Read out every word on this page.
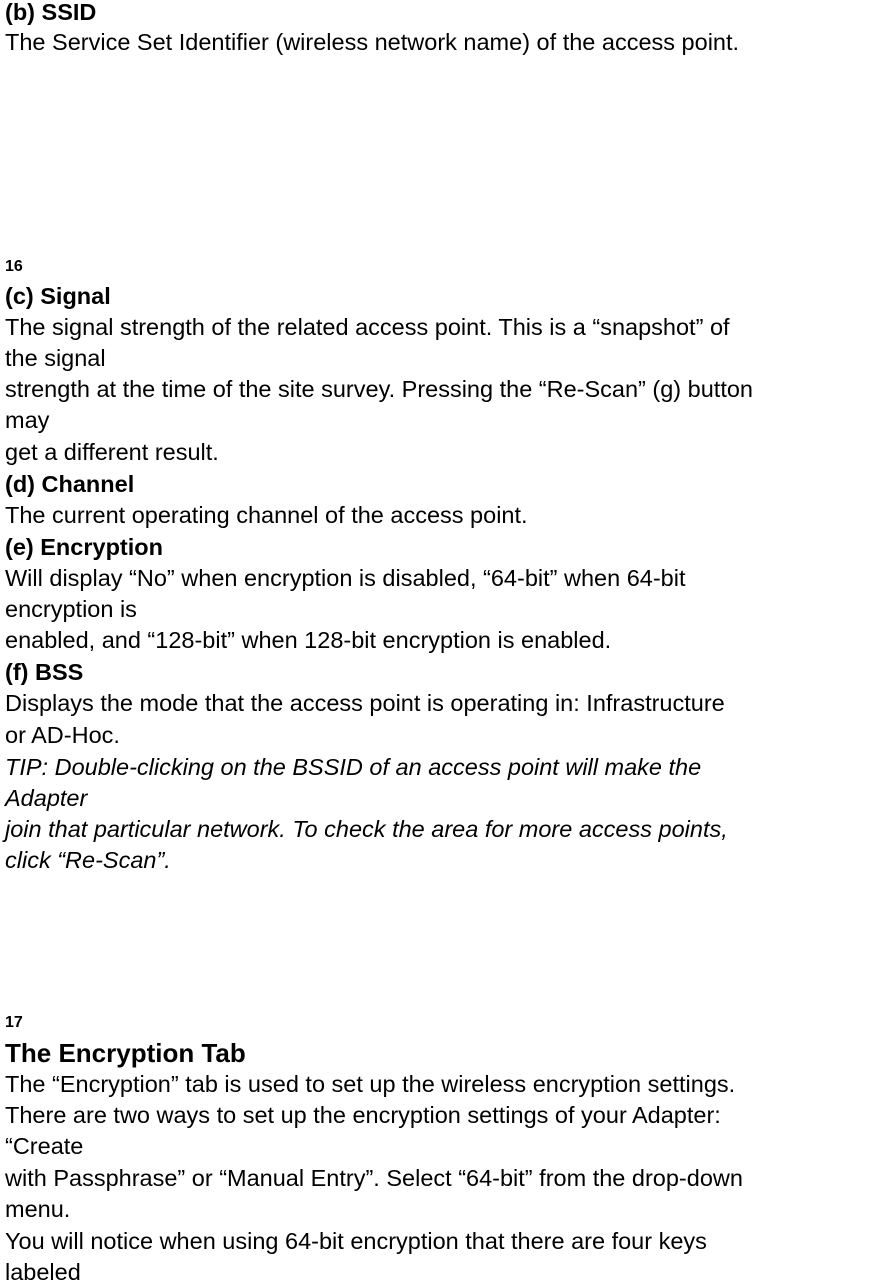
(b) SSID
The Service Set Identifier (wireless network name) of the access point.
16
(c) Signal
The signal strength of the related access point. This is a “snapshot” of
the signal
strength at the time of the site survey. Pressing the “Re-Scan” (g) button
may
get a different result.
(d) Channel
The current operating channel of the access point.
(e) Encryption
Will display “No” when encryption is disabled, “64-bit” when 64-bit
encryption is
enabled, and “128-bit” when 128-bit encryption is enabled.
(f) BSS
Displays the mode that the access point is operating in: Infrastructure
or AD-Hoc.
TIP: Double-clicking on the BSSID of an access point will make the
Adapter
join that particular network. To check the area for more access points,
click “Re-Scan”.
17
The Encryption Tab
The “Encryption” tab is used to set up the wireless encryption settings.
There are two ways to set up the encryption settings of your Adapter:
“Create
with Passphrase” or “Manual Entry”. Select “64-bit” from the drop-down
menu.
You will notice when using 64-bit encryption that there are four keys
labeled
